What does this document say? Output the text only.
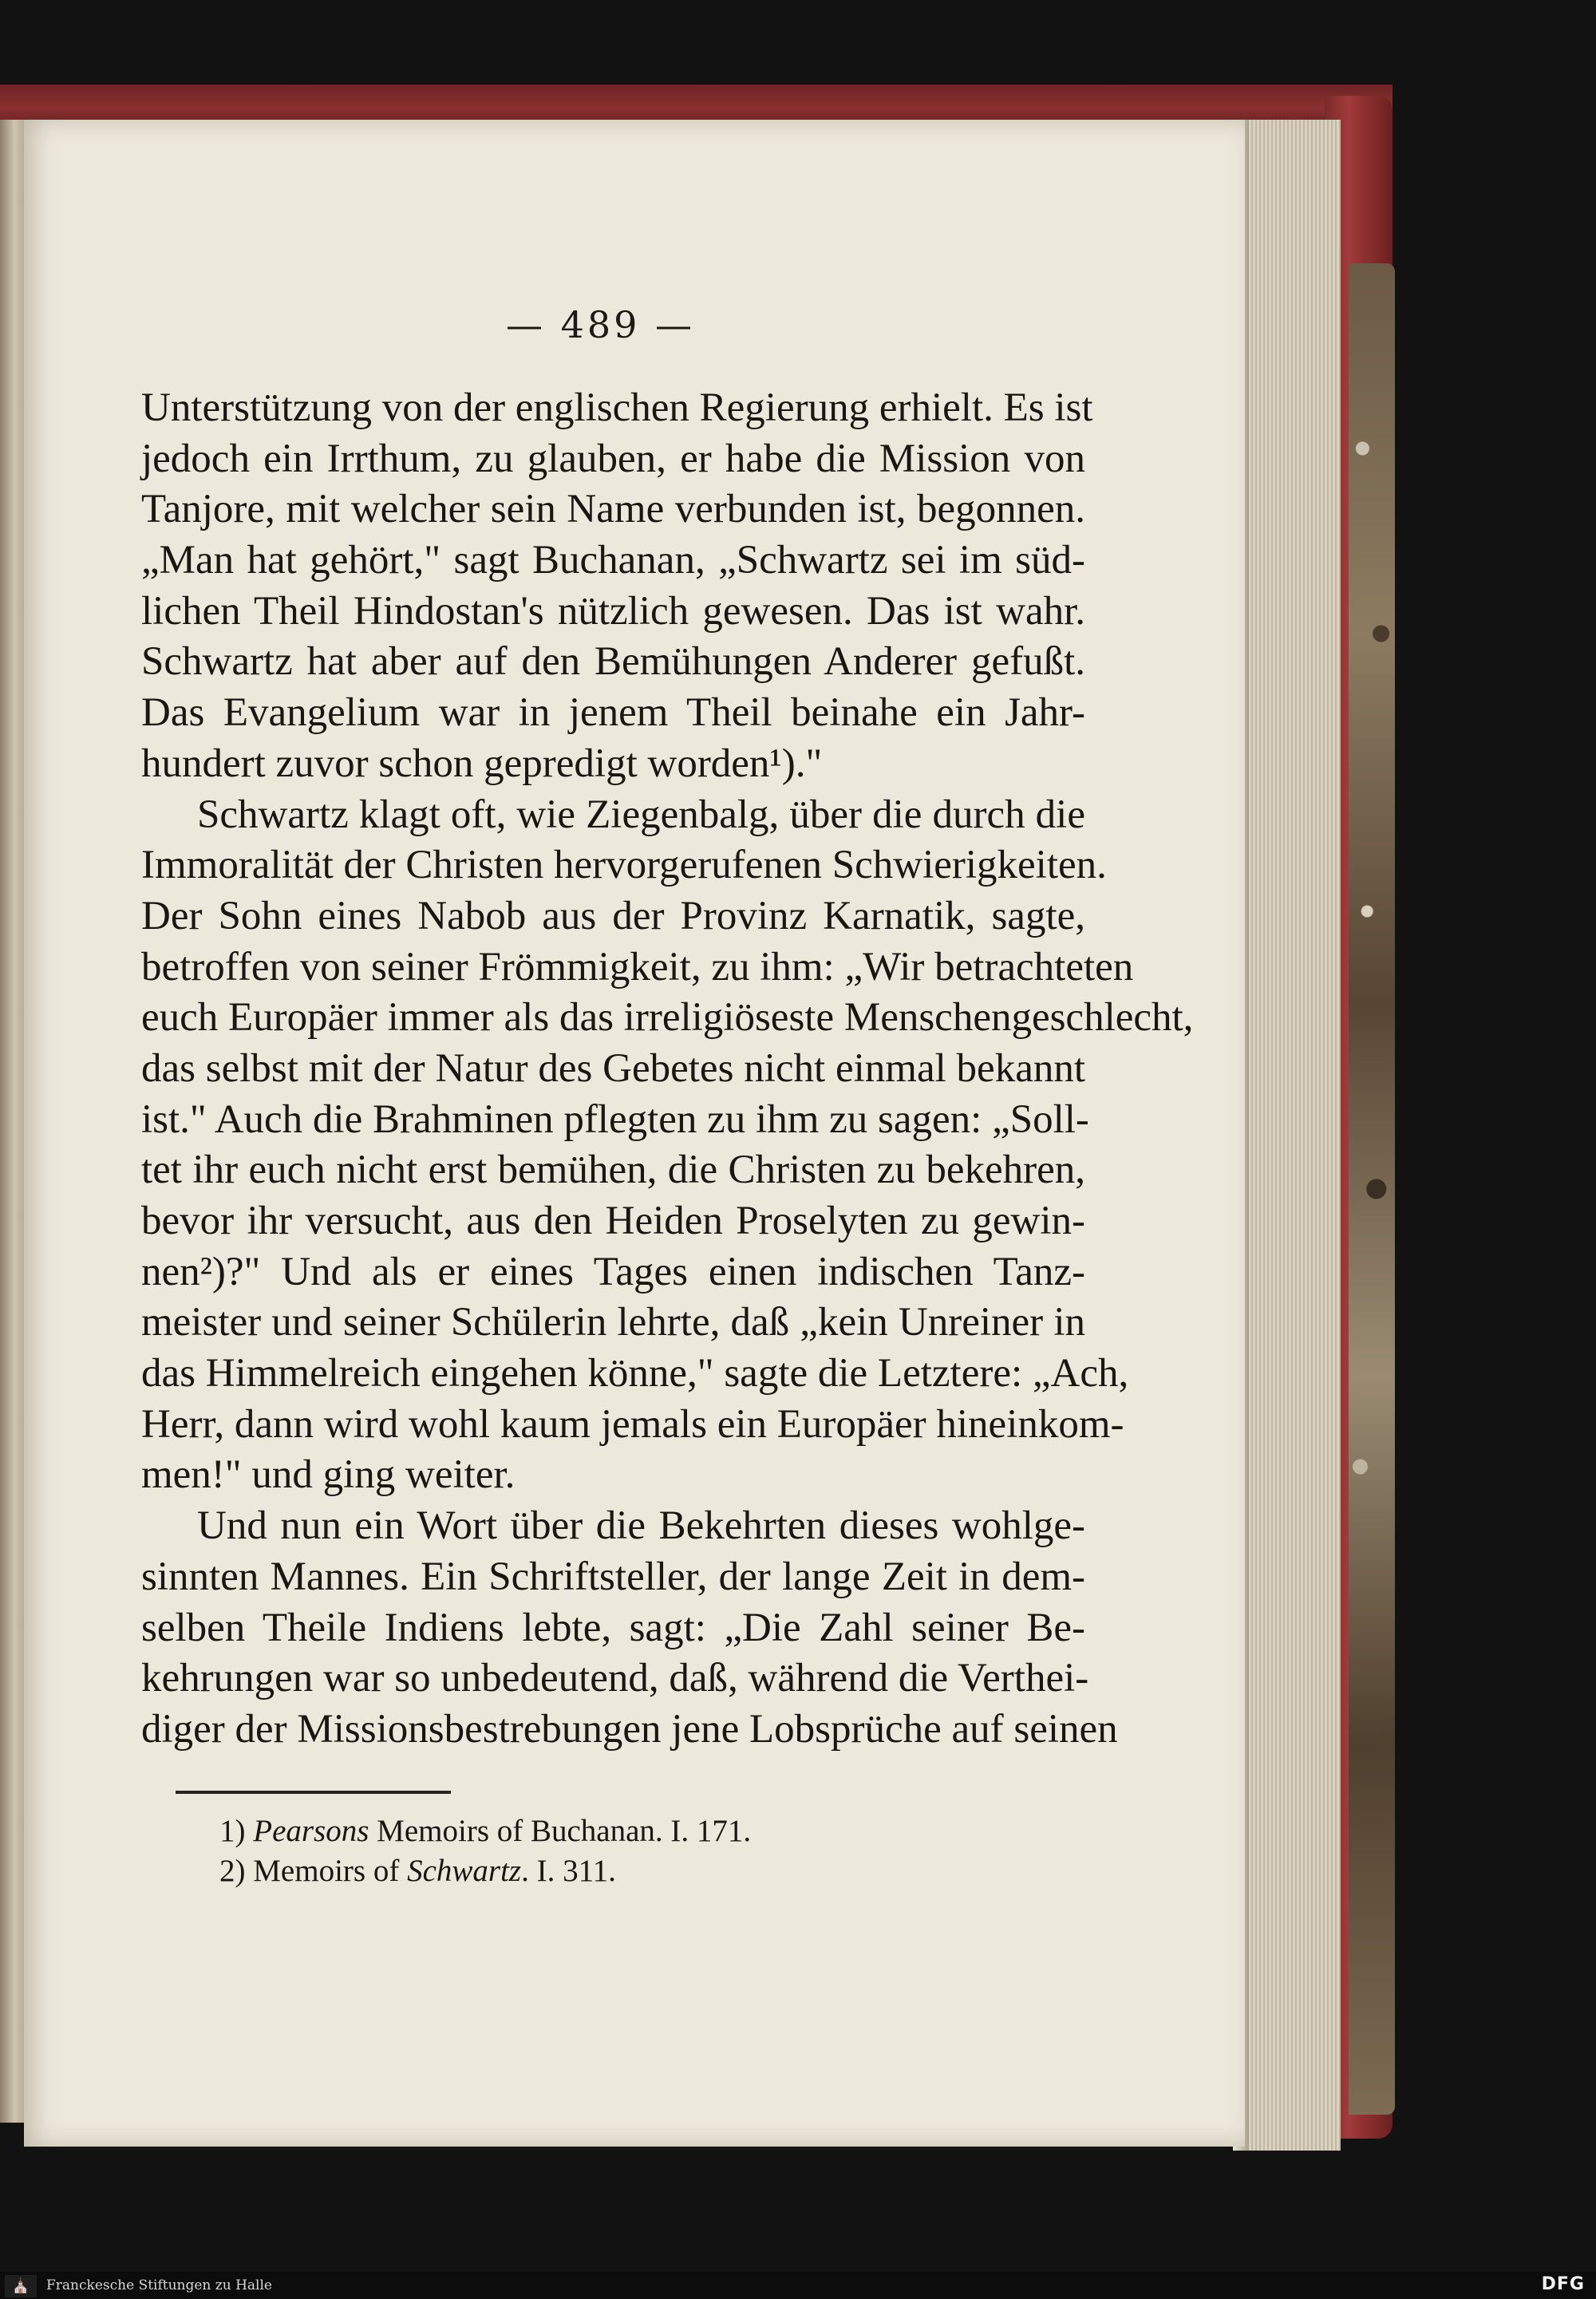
— 489 —
Unterstützung von der englischen Regierung erhielt. Es ist
jedoch ein Irrthum, zu glauben, er habe die Mission von
Tanjore, mit welcher sein Name verbunden ist, begonnen.
„Man hat gehört," sagt Buchanan, „Schwartz sei im süd-
lichen Theil Hindostan's nützlich gewesen. Das ist wahr.
Schwartz hat aber auf den Bemühungen Anderer gefußt.
Das Evangelium war in jenem Theil beinahe ein Jahr-
hundert zuvor schon gepredigt worden¹)."
Schwartz klagt oft, wie Ziegenbalg, über die durch die
Immoralität der Christen hervorgerufenen Schwierigkeiten.
Der Sohn eines Nabob aus der Provinz Karnatik, sagte,
betroffen von seiner Frömmigkeit, zu ihm: „Wir betrachteten
euch Europäer immer als das irreligiöseste Menschengeschlecht,
das selbst mit der Natur des Gebetes nicht einmal bekannt
ist." Auch die Brahminen pflegten zu ihm zu sagen: „Soll-
tet ihr euch nicht erst bemühen, die Christen zu bekehren,
bevor ihr versucht, aus den Heiden Proselyten zu gewin-
nen²)?" Und als er eines Tages einen indischen Tanz-
meister und seiner Schülerin lehrte, daß „kein Unreiner in
das Himmelreich eingehen könne," sagte die Letztere: „Ach,
Herr, dann wird wohl kaum jemals ein Europäer hineinkom-
men!" und ging weiter.
Und nun ein Wort über die Bekehrten dieses wohlge-
sinnten Mannes. Ein Schriftsteller, der lange Zeit in dem-
selben Theile Indiens lebte, sagt: „Die Zahl seiner Be-
kehrungen war so unbedeutend, daß, während die Verthei-
diger der Missionsbestrebungen jene Lobsprüche auf seinen
1) Pearsons Memoirs of Buchanan. I. 171.
2) Memoirs of Schwartz. I. 311.
⛪	Franckesche Stiftungen zu Halle	DFG
